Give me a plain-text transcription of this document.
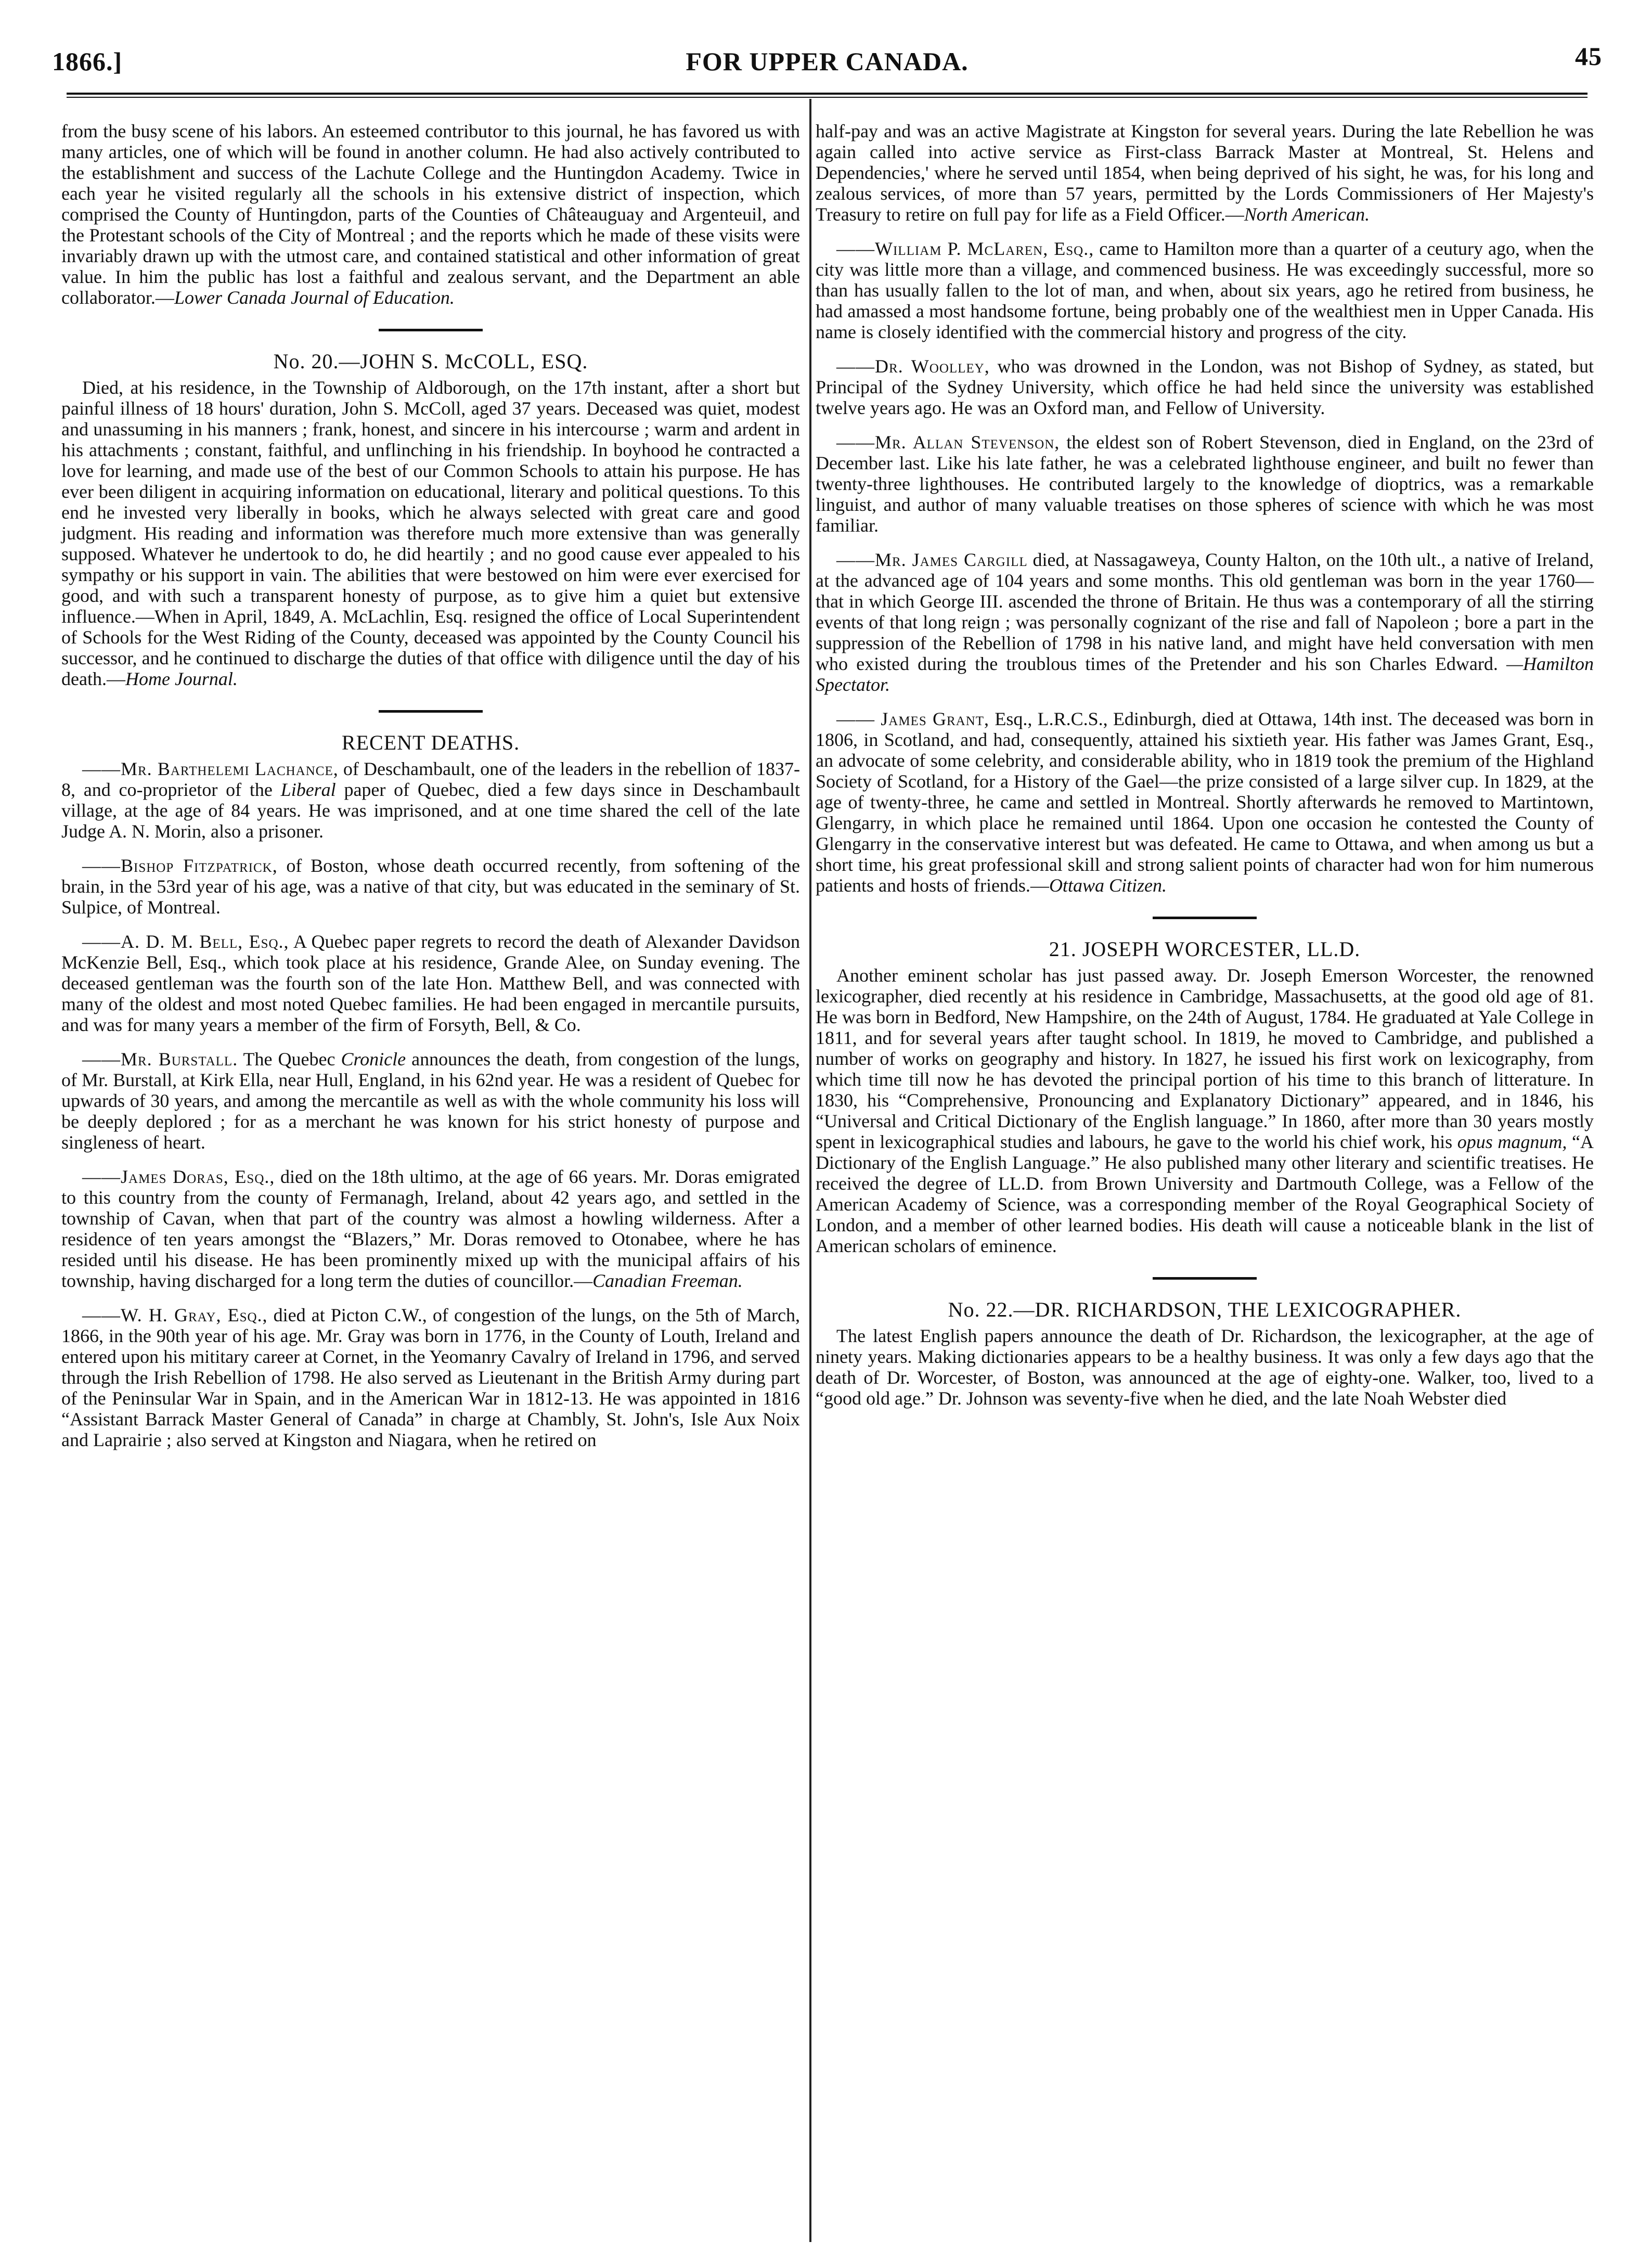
FOR UPPER CANADA.
1866.]	45

from the busy scene of his labors. An esteemed contributor to this journal, he has favored us with many articles, one of which will be found in another column. He had also actively contributed to the establishment and success of the Lachute College and the Huntingdon Academy. Twice in each year he visited regularly all the schools in his extensive district of inspection, which comprised the County of Huntingdon, parts of the Counties of Châteauguay and Argenteuil, and the Protestant schools of the City of Montreal ; and the reports which he made of these visits were invariably drawn up with the utmost care, and contained statistical and other information of great value. In him the public has lost a faithful and zealous servant, and the Department an able collaborator.—Lower Canada Journal of Education.

No. 20.—JOHN S. McCOLL, ESQ.

Died, at his residence, in the Township of Aldborough, on the 17th instant, after a short but painful illness of 18 hours' duration, John S. McColl, aged 37 years. Deceased was quiet, modest and unassuming in his manners ; frank, honest, and sincere in his intercourse ; warm and ardent in his attachments ; constant, faithful, and unflinching in his friendship. In boyhood he contracted a love for learning, and made use of the best of our Common Schools to attain his purpose. He has ever been diligent in acquiring information on educational, literary and political questions. To this end he invested very liberally in books, which he always selected with great care and good judgment. His reading and information was therefore much more extensive than was generally supposed. Whatever he undertook to do, he did heartily ; and no good cause ever appealed to his sympathy or his support in vain. The abilities that were bestowed on him were ever exercised for good, and with such a transparent honesty of purpose, as to give him a quiet but extensive influence.—When in April, 1849, A. McLachlin, Esq. resigned the office of Local Superintendent of Schools for the West Riding of the County, deceased was appointed by the County Council his successor, and he continued to discharge the duties of that office with diligence until the day of his death.—Home Journal.

RECENT DEATHS.

——Mr. Barthelemi Lachance, of Deschambault, one of the leaders in the rebellion of 1837-8, and co-proprietor of the Liberal paper of Quebec, died a few days since in Deschambault village, at the age of 84 years. He was imprisoned, and at one time shared the cell of the late Judge A. N. Morin, also a prisoner.

——Bishop Fitzpatrick, of Boston, whose death occurred recently, from softening of the brain, in the 53rd year of his age, was a native of that city, but was educated in the seminary of St. Sulpice, of Montreal.

——A. D. M. Bell, Esq., A Quebec paper regrets to record the death of Alexander Davidson McKenzie Bell, Esq., which took place at his residence, Grande Alee, on Sunday evening. The deceased gentleman was the fourth son of the late Hon. Matthew Bell, and was connected with many of the oldest and most noted Quebec families. He had been engaged in mercantile pursuits, and was for many years a member of the firm of Forsyth, Bell, & Co.

——Mr. Burstall. The Quebec Cronicle announces the death, from congestion of the lungs, of Mr. Burstall, at Kirk Ella, near Hull, England, in his 62nd year. He was a resident of Quebec for upwards of 30 years, and among the mercantile as well as with the whole community his loss will be deeply deplored ; for as a merchant he was known for his strict honesty of purpose and singleness of heart.

——James Doras, Esq., died on the 18th ultimo, at the age of 66 years. Mr. Doras emigrated to this country from the county of Fermanagh, Ireland, about 42 years ago, and settled in the township of Cavan, when that part of the country was almost a howling wilderness. After a residence of ten years amongst the “Blazers,” Mr. Doras removed to Otonabee, where he has resided until his disease. He has been prominently mixed up with the municipal affairs of his township, having discharged for a long term the duties of councillor.—Canadian Freeman.

——W. H. Gray, Esq., died at Picton C.W., of congestion of the lungs, on the 5th of March, 1866, in the 90th year of his age. Mr. Gray was born in 1776, in the County of Louth, Ireland and entered upon his mititary career at Cornet, in the Yeomanry Cavalry of Ireland in 1796, and served through the Irish Rebellion of 1798. He also served as Lieutenant in the British Army during part of the Peninsular War in Spain, and in the American War in 1812-13. He was appointed in 1816 “Assistant Barrack Master General of Canada” in charge at Chambly, St. John's, Isle Aux Noix and Laprairie ; also served at Kingston and Niagara, when he retired on

half-pay and was an active Magistrate at Kingston for several years. During the late Rebellion he was again called into active service as First-class Barrack Master at Montreal, St. Helens and Dependencies,' where he served until 1854, when being deprived of his sight, he was, for his long and zealous services, of more than 57 years, permitted by the Lords Commissioners of Her Majesty's Treasury to retire on full pay for life as a Field Officer.—North American.

——William P. McLaren, Esq., came to Hamilton more than a quarter of a ceutury ago, when the city was little more than a village, and commenced business. He was exceedingly successful, more so than has usually fallen to the lot of man, and when, about six years, ago he retired from business, he had amassed a most handsome fortune, being probably one of the wealthiest men in Upper Canada. His name is closely identified with the commercial history and progress of the city.

——Dr. Woolley, who was drowned in the London, was not Bishop of Sydney, as stated, but Principal of the Sydney University, which office he had held since the university was established twelve years ago. He was an Oxford man, and Fellow of University.

——Mr. Allan Stevenson, the eldest son of Robert Stevenson, died in England, on the 23rd of December last. Like his late father, he was a celebrated lighthouse engineer, and built no fewer than twenty-three lighthouses. He contributed largely to the knowledge of dioptrics, was a remarkable linguist, and author of many valuable treatises on those spheres of science with which he was most familiar.

——Mr. James Cargill died, at Nassagaweya, County Halton, on the 10th ult., a native of Ireland, at the advanced age of 104 years and some months. This old gentleman was born in the year 1760—that in which George III. ascended the throne of Britain. He thus was a contemporary of all the stirring events of that long reign ; was personally cognizant of the rise and fall of Napoleon ; bore a part in the suppression of the Rebellion of 1798 in his native land, and might have held conversation with men who existed during the troublous times of the Pretender and his son Charles Edward. —Hamilton Spectator.

—— James Grant, Esq., L.R.C.S., Edinburgh, died at Ottawa, 14th inst. The deceased was born in 1806, in Scotland, and had, consequently, attained his sixtieth year. His father was James Grant, Esq., an advocate of some celebrity, and considerable ability, who in 1819 took the premium of the Highland Society of Scotland, for a History of the Gael—the prize consisted of a large silver cup. In 1829, at the age of twenty-three, he came and settled in Montreal. Shortly afterwards he removed to Martintown, Glengarry, in which place he remained until 1864. Upon one occasion he contested the County of Glengarry in the conservative interest but was defeated. He came to Ottawa, and when among us but a short time, his great professional skill and strong salient points of character had won for him numerous patients and hosts of friends.—Ottawa Citizen.

21. JOSEPH WORCESTER, LL.D.

Another eminent scholar has just passed away. Dr. Joseph Emerson Worcester, the renowned lexicographer, died recently at his residence in Cambridge, Massachusetts, at the good old age of 81. He was born in Bedford, New Hampshire, on the 24th of August, 1784. He graduated at Yale College in 1811, and for several years after taught school. In 1819, he moved to Cambridge, and published a number of works on geography and history. In 1827, he issued his first work on lexicography, from which time till now he has devoted the principal portion of his time to this branch of litterature. In 1830, his “Comprehensive, Pronouncing and Explanatory Dictionary” appeared, and in 1846, his “Universal and Critical Dictionary of the English language.” In 1860, after more than 30 years mostly spent in lexicographical studies and labours, he gave to the world his chief work, his opus magnum, “A Dictionary of the English Language.” He also published many other literary and scientific treatises. He received the degree of LL.D. from Brown University and Dartmouth College, was a Fellow of the American Academy of Science, was a corresponding member of the Royal Geographical Society of London, and a member of other learned bodies. His death will cause a noticeable blank in the list of American scholars of eminence.

No. 22.—DR. RICHARDSON, THE LEXICOGRAPHER.

The latest English papers announce the death of Dr. Richardson, the lexicographer, at the age of ninety years. Making dictionaries appears to be a healthy business. It was only a few days ago that the death of Dr. Worcester, of Boston, was announced at the age of eighty-one. Walker, too, lived to a “good old age.” Dr. Johnson was seventy-five when he died, and the late Noah Webster died
